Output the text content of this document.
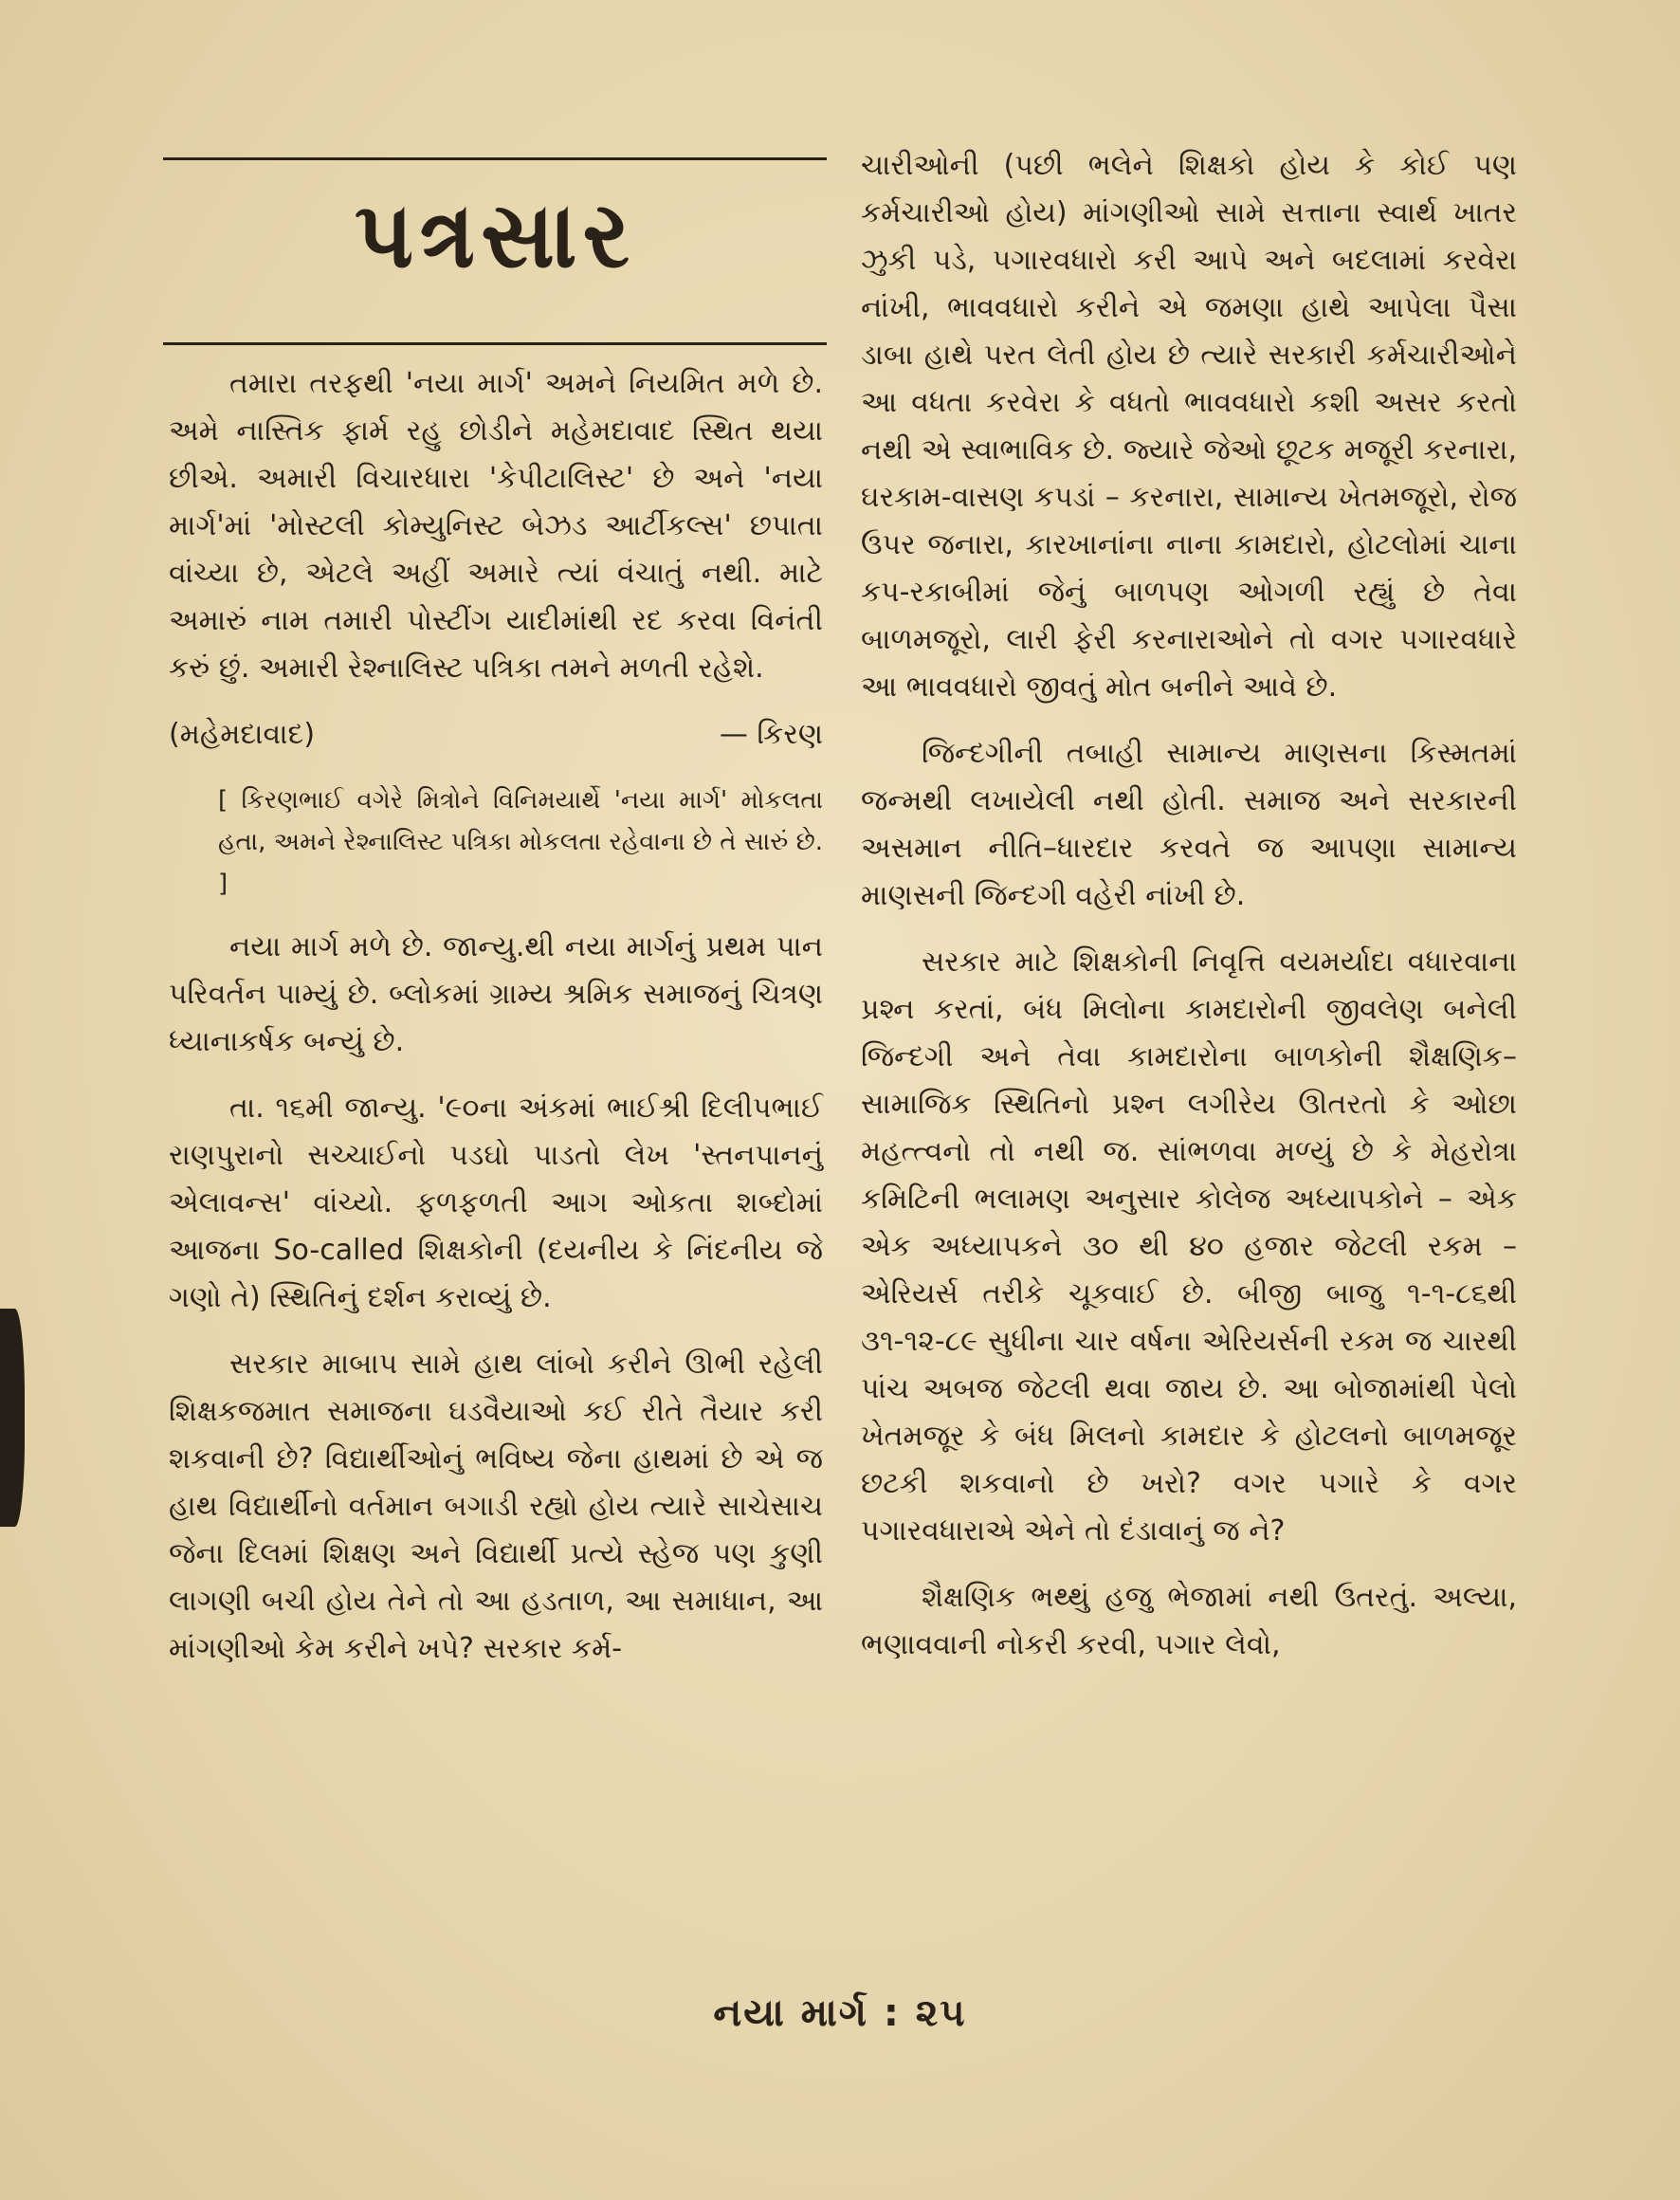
પત્રસાર

તમારા તરફથી 'નયા માર્ગ' અમને નિયમિત મળે છે. અમે નાસ્તિક ફાર્મ રહુ છોડીને મહેમદાવાદ સ્થિત થયા છીએ. અમારી વિચારધારા 'કેપીટાલિસ્ટ' છે અને 'નયા માર્ગ'માં 'મોસ્ટલી કોમ્યુનિસ્ટ બેઝડ આર્ટીકલ્સ' છપાતા વાંચ્યા છે, એટલે અહીં અમારે ત્યાં વંચાતું નથી. માટે અમારું નામ તમારી પોસ્ટીંગ યાદીમાંથી રદ કરવા વિનંતી કરું છું. અમારી રેશ્નાલિસ્ટ પત્રિકા તમને મળતી રહેશે.

(મહેમદાવાદ)	— કિરણ

[ કિરણભાઈ વગેરે મિત્રોને વિનિમયાર્થે 'નયા માર્ગ' મોકલતા હતા, અમને રેશ્નાલિસ્ટ પત્રિકા મોકલતા રહેવાના છે તે સારું છે. ]

નયા માર્ગ મળે છે. જાન્યુ.થી નયા માર્ગનું પ્રથમ પાન પરિવર્તન પામ્યું છે. બ્લોકમાં ગ્રામ્ય શ્રમિક સમાજનું ચિત્રણ ધ્યાનાકર્ષક બન્યું છે.

તા. ૧૬મી જાન્યુ. '૯૦ના અંકમાં ભાઈશ્રી દિલીપભાઈ રાણપુરાનો સચ્ચાઈનો પડઘો પાડતો લેખ 'સ્તનપાનનું એલાવન્સ' વાંચ્યો. ફળફળતી આગ ઓકતા શબ્દોમાં આજના So-called શિક્ષકોની (દયનીય કે નિંદનીય જે ગણો તે) સ્થિતિનું દર્શન કરાવ્યું છે.

સરકાર માબાપ સામે હાથ લાંબો કરીને ઊભી રહેલી શિક્ષકજમાત સમાજના ઘડવૈયાઓ કઈ રીતે તૈયાર કરી શકવાની છે? વિદ્યાર્થીઓનું ભવિષ્ય જેના હાથમાં છે એ જ હાથ વિદ્યાર્થીનો વર્તમાન બગાડી રહ્યો હોય ત્યારે સાચેસાચ જેના દિલમાં શિક્ષણ અને વિદ્યાર્થી પ્રત્યે સ્હેજ પણ કુણી લાગણી બચી હોય તેને તો આ હડતાળ, આ સમાધાન, આ માંગણીઓ કેમ કરીને ખપે? સરકાર કર્મ-

ચારીઓની (પછી ભલેને શિક્ષકો હોય કે કોઈ પણ કર્મચારીઓ હોય) માંગણીઓ સામે સત્તાના સ્વાર્થ ખાતર ઝુકી પડે, પગારવધારો કરી આપે અને બદલામાં કરવેરા નાંખી, ભાવવધારો કરીને એ જમણા હાથે આપેલા પૈસા ડાબા હાથે પરત લેતી હોય છે ત્યારે સરકારી કર્મચારીઓને આ વધતા કરવેરા કે વધતો ભાવવધારો કશી અસર કરતો નથી એ સ્વાભાવિક છે. જ્યારે જેઓ છૂટક મજૂરી કરનારા, ઘરકામ-વાસણ કપડાં – કરનારા, સામાન્ય ખેતમજૂરો, રોજ ઉપર જનારા, કારખાનાંના નાના કામદારો, હોટલોમાં ચાના કપ-રકાબીમાં જેનું બાળપણ ઓગળી રહ્યું છે તેવા બાળમજૂરો, લારી ફેરી કરનારાઓને તો વગર પગારવધારે આ ભાવવધારો જીવતું મોત બનીને આવે છે.

જિન્દગીની તબાહી સામાન્ય માણસના કિસ્મતમાં જન્મથી લખાયેલી નથી હોતી. સમાજ અને સરકારની અસમાન નીતિ–ધારદાર કરવતે જ આપણા સામાન્ય માણસની જિન્દગી વહેરી નાંખી છે.

સરકાર માટે શિક્ષકોની નિવૃત્તિ વયમર્યાદા વધારવાના પ્રશ્ન કરતાં, બંધ મિલોના કામદારોની જીવલેણ બનેલી જિન્દગી અને તેવા કામદારોના બાળકોની શૈક્ષણિક–સામાજિક સ્થિતિનો પ્રશ્ન લગીરેય ઊતરતો કે ઓછા મહત્ત્વનો તો નથી જ. સાંભળવા મળ્યું છે કે મેહરોત્રા કમિટિની ભલામણ અનુસાર કોલેજ અધ્યાપકોને – એક એક અધ્યાપકને ૩૦ થી ૪૦ હજાર જેટલી રકમ – એરિયર્સ તરીકે ચૂકવાઈ છે. બીજી બાજુ ૧-૧-૮૬થી ૩૧-૧૨-૮૯ સુધીના ચાર વર્ષના એરિયર્સની રકમ જ ચારથી પાંચ અબજ જેટલી થવા જાય છે. આ બોજામાંથી પેલો ખેતમજૂર કે બંધ મિલનો કામદાર કે હોટલનો બાળમજૂર છટકી શકવાનો છે ખરો? વગર પગારે કે વગર પગારવધારાએ એને તો દંડાવાનું જ ને?

શૈક્ષણિક ભથ્થું હજુ ભેજામાં નથી ઉતરતું. અલ્યા, ભણાવવાની નોકરી કરવી, પગાર લેવો,

નયા માર્ગ : ૨૫
